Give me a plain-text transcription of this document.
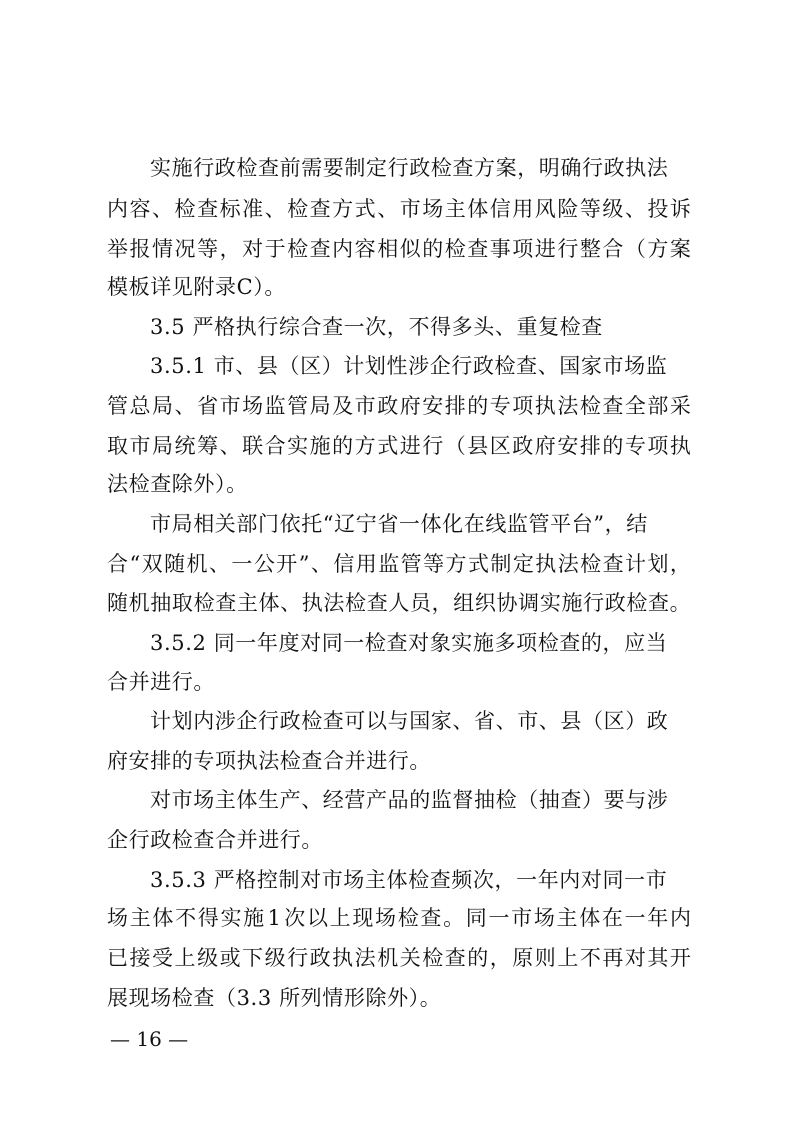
实施行政检查前需要制定行政检查方案，明确行政执法
内 容 、 检 查 标 准 、 检 查 方 式 、 市 场 主 体 信 用 风 险 等 级 、 投 诉
举 报 情 况 等 ， 对 于 检 查 内 容 相 似 的 检 查 事 项 进 行 整 合 （ 方 案
模板详见附录C）。
3.5 严格执行综合查一次，不得多头、重复检查
3.5.1 市、县（区）计划性涉企行政检查、国家市场监
管 总 局 、 省 市 场 监 管 局 及 市 政 府 安 排 的 专 项 执 法 检 查 全 部 采
取 市 局 统 筹 、 联 合 实 施 的 方 式 进 行 （ 县 区 政 府 安 排 的 专 项 执
法检查除外）。
市局相关部门依托“辽宁省一体化在线监管平台”，结
合 “ 双 随 机 、 一 公 开 ” 、 信 用 监 管 等 方 式 制 定 执 法 检 查 计 划 ，
随 机 抽 取 检 查 主 体 、 执 法 检 查 人 员 ， 组 织 协 调 实 施 行 政 检 查 。
3.5.2 同一年度对同一检查对象实施多项检查的，应当
合并进行。
计划内涉企行政检查可以与国家、省、市、县（区）政
府安排的专项执法检查合并进行。
对市场主体生产、经营产品的监督抽检（抽查）要与涉
企行政检查合并进行。
3.5.3 严格控制对市场主体检查频次，一年内对同一市
场 主 体 不 得 实 施 1 次 以 上 现 场 检 查 。 同 一 市 场 主 体 在 一 年 内
已 接 受 上 级 或 下 级 行 政 执 法 机 关 检 查 的 ， 原 则 上 不 再 对 其 开
展现场检查（3.3 所列情形除外）。
— 16 —
